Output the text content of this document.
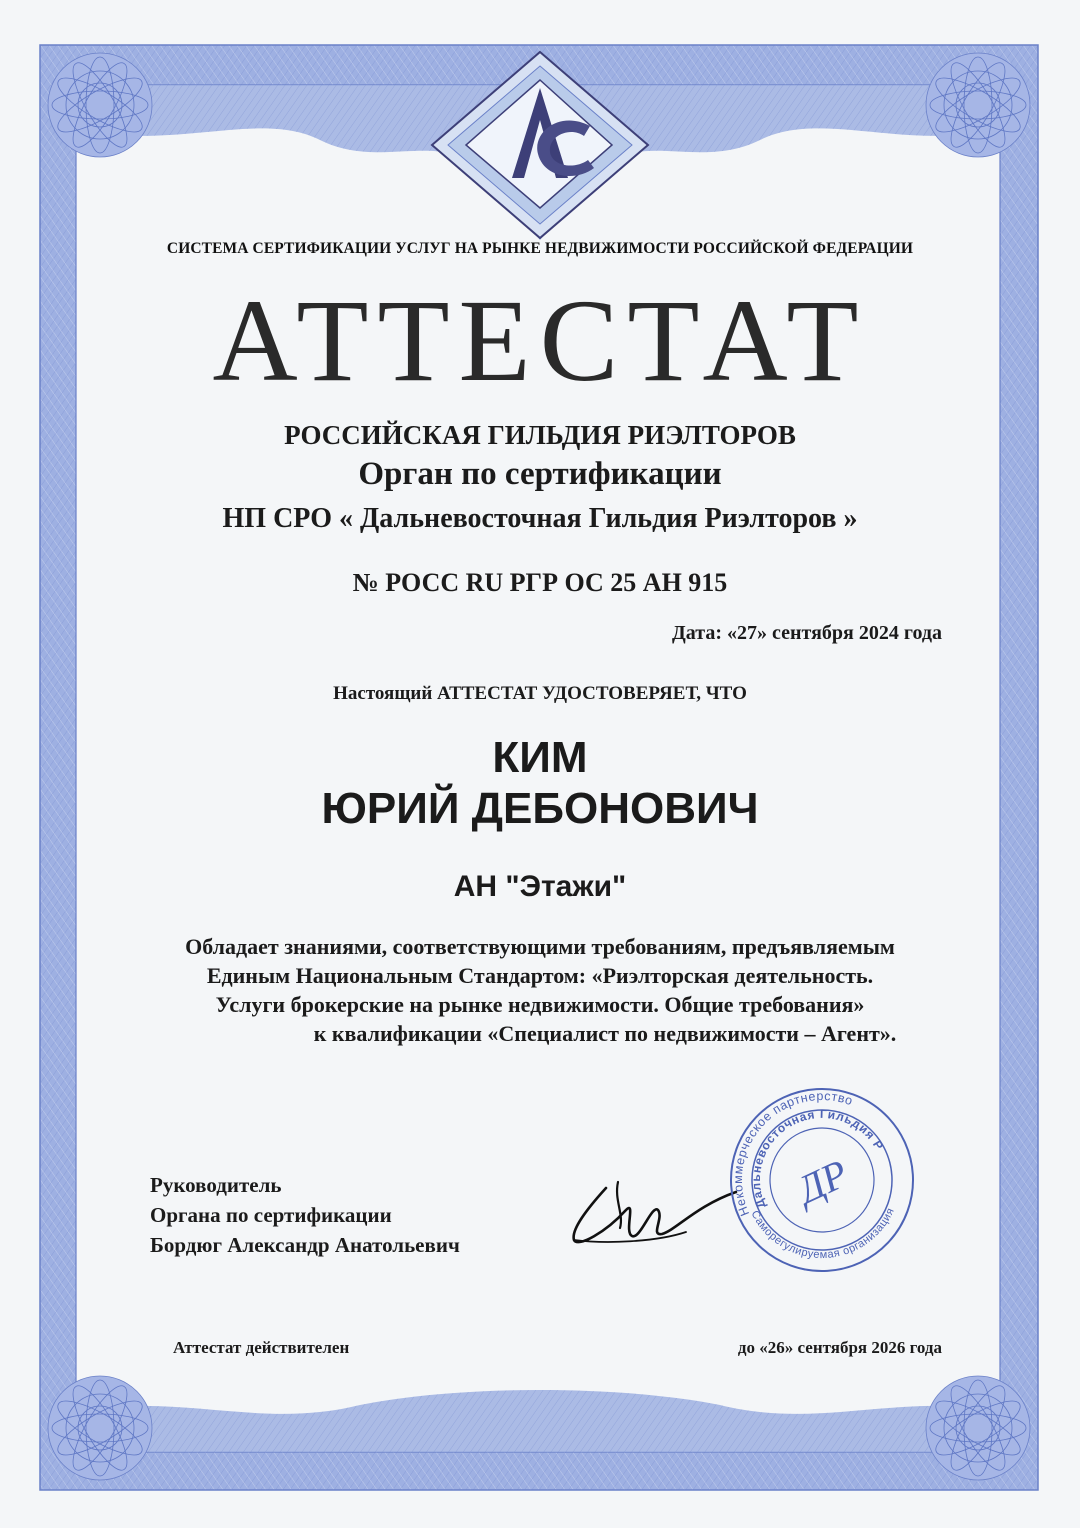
СИСТЕМА СЕРТИФИКАЦИИ УСЛУГ НА РЫНКЕ НЕДВИЖИМОСТИ РОССИЙСКОЙ ФЕДЕРАЦИИ

АТТЕСТАТ

РОССИЙСКАЯ ГИЛЬДИЯ РИЭЛТОРОВ

Орган по сертификации

НП СРО « Дальневосточная Гильдия Риэлторов »

№ РОСС RU РГР ОС 25 АН 915

Дата: «27» сентября 2024 года

Настоящий АТТЕСТАТ УДОСТОВЕРЯЕТ, ЧТО

КИМ

ЮРИЙ ДЕБОНОВИЧ

АН "Этажи"

Обладает знаниями, соответствующими требованиям, предъявляемым
Единым Национальным Стандартом: «Риэлторская деятельность.
Услуги брокерские на рынке недвижимости. Общие требования»
к квалификации «Специалист по недвижимости – Агент».
Руководитель
Органа по сертификации
Бордюг Александр Анатольевич
Некоммерческое партнерство
Дальневосточная Гильдия Риэлторов
Саморегулируемая организация
ДР

Аттестат действителен	до «26» сентября 2026 года
